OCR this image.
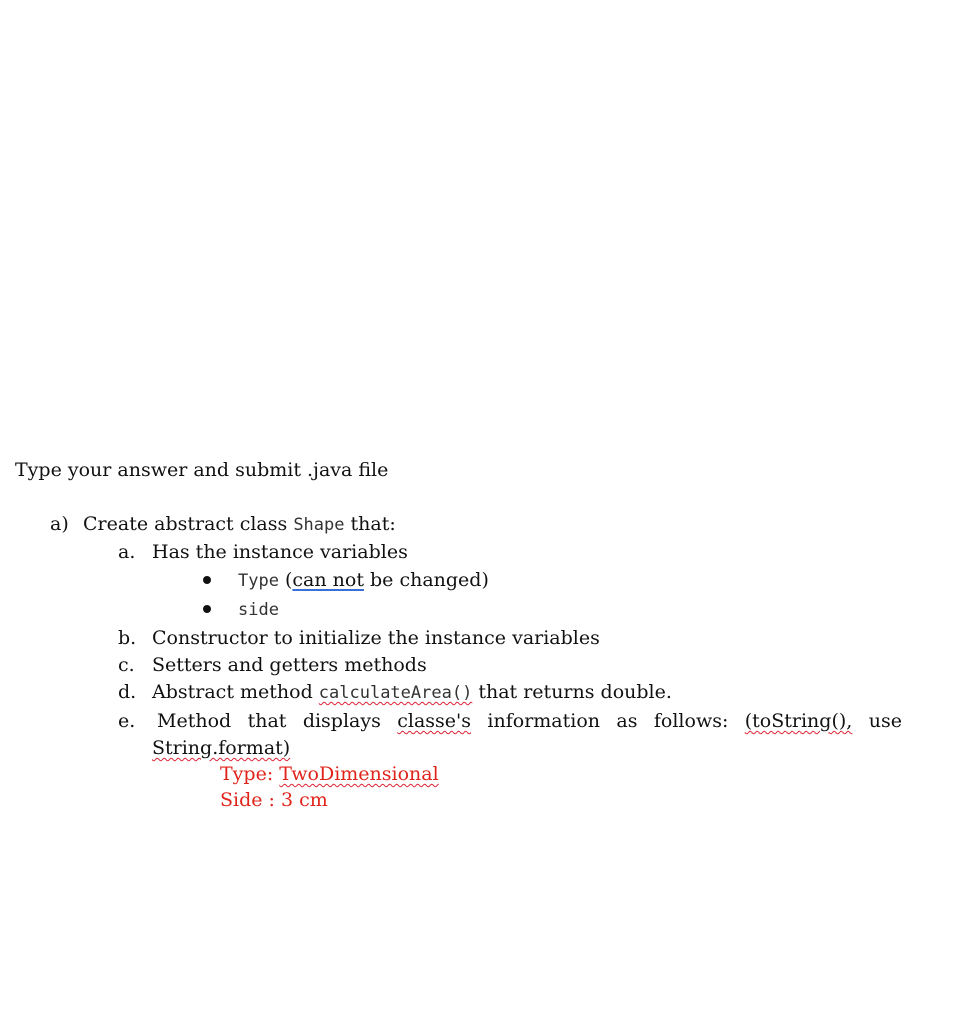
Type your answer and submit .java file
a) Create abstract class Shape that:
a. Has the instance variables
Type (can not be changed)
side
b. Constructor to initialize the instance variables
c. Setters and getters methods
d. Abstract method calculateArea() that returns double.
e. Method that displays classe's information as follows: (toString(), use
String.format)
Type: TwoDimensional
Side : 3 cm
